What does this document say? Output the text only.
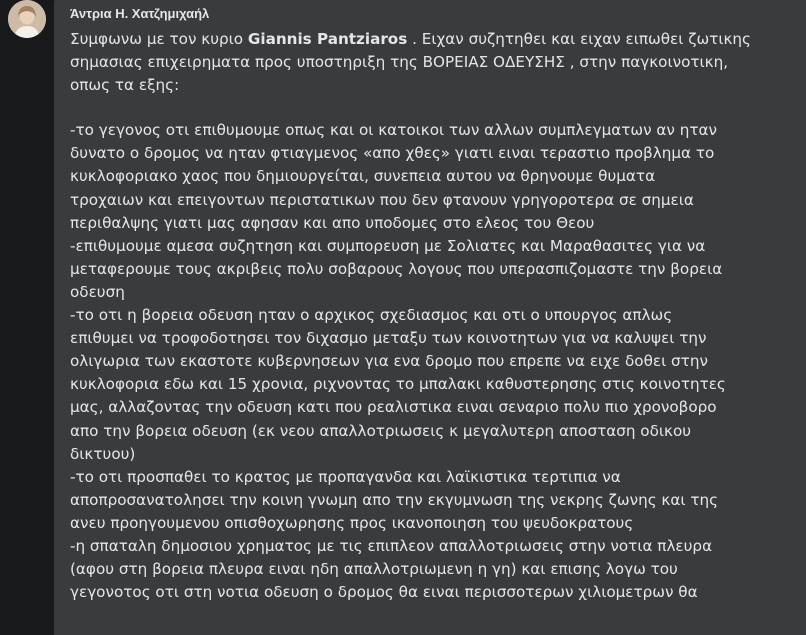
Άντρια Η. Χατζημιχαήλ
Συμφωνω με τον κυριο Giannis Pantziaros . Ειχαν συζητηθει και ειχαν ειπωθει ζωτικης
σημασιας επιχειρηματα προς υποστηριξη της ΒΟΡΕΙΑΣ ΟΔΕΥΣΗΣ , στην παγκοινοτικη,
οπως τα εξης:
-το γεγονος οτι επιθυμουμε οπως και οι κατοικοι των αλλων συμπλεγματων αν ηταν
δυνατο ο δρομος να ηταν φτιαγμενος «απο χθες» γιατι ειναι τεραστιο προβλημα το
κυκλοφοριακο χαος που δημιουργείται, συνεπεια αυτου να θρηνουμε θυματα
τροχαιων και επειγοντων περιστατικων που δεν φτανουν γρηγοροτερα σε σημεια
περιθαλψης γιατι μας αφησαν και απο υποδομες στο ελεος του Θεου
-επιθυμουμε αμεσα συζητηση και συμπορευση με Σολιατες και Μαραθασιτες για να
μεταφερουμε τους ακριβεις πολυ σοβαρους λογους που υπερασπιζομαστε την βορεια
οδευση
-το οτι η βορεια οδευση ηταν ο αρχικος σχεδιασμος και οτι ο υπουργος απλως
επιθυμει να τροφοδοτησει τον διχασμο μεταξυ των κοινοτητων για να καλυψει την
ολιγωρια των εκαστοτε κυβερνησεων για ενα δρομο που επρεπε να ειχε δοθει στην
κυκλοφορια εδω και 15 χρονια, ριχνοντας το μπαλακι καθυστερησης στις κοινοτητες
μας, αλλαζοντας την οδευση κατι που ρεαλιστικα ειναι σεναριο πολυ πιο χρονοβορο
απο την βορεια οδευση (εκ νεου απαλλοτριωσεις κ μεγαλυτερη αποσταση οδικου
δικτυου)
-το οτι προσπαθει το κρατος με προπαγανδα και λαϊκιστικα τερτιπια να
αποπροσανατολησει την κοινη γνωμη απο την εκγυμνωση της νεκρης ζωνης και της
ανευ προηγουμενου οπισθοχωρησης προς ικανοποιηση του ψευδοκρατους
-η σπαταλη δημοσιου χρηματος με τις επιπλεον απαλλοτριωσεις στην νοτια πλευρα
(αφου στη βορεια πλευρα ειναι ηδη απαλλοτριωμενη η γη) και επισης λογω του
γεγονοτος οτι στη νοτια οδευση ο δρομος θα ειναι περισσοτερων χιλιομετρων θα
